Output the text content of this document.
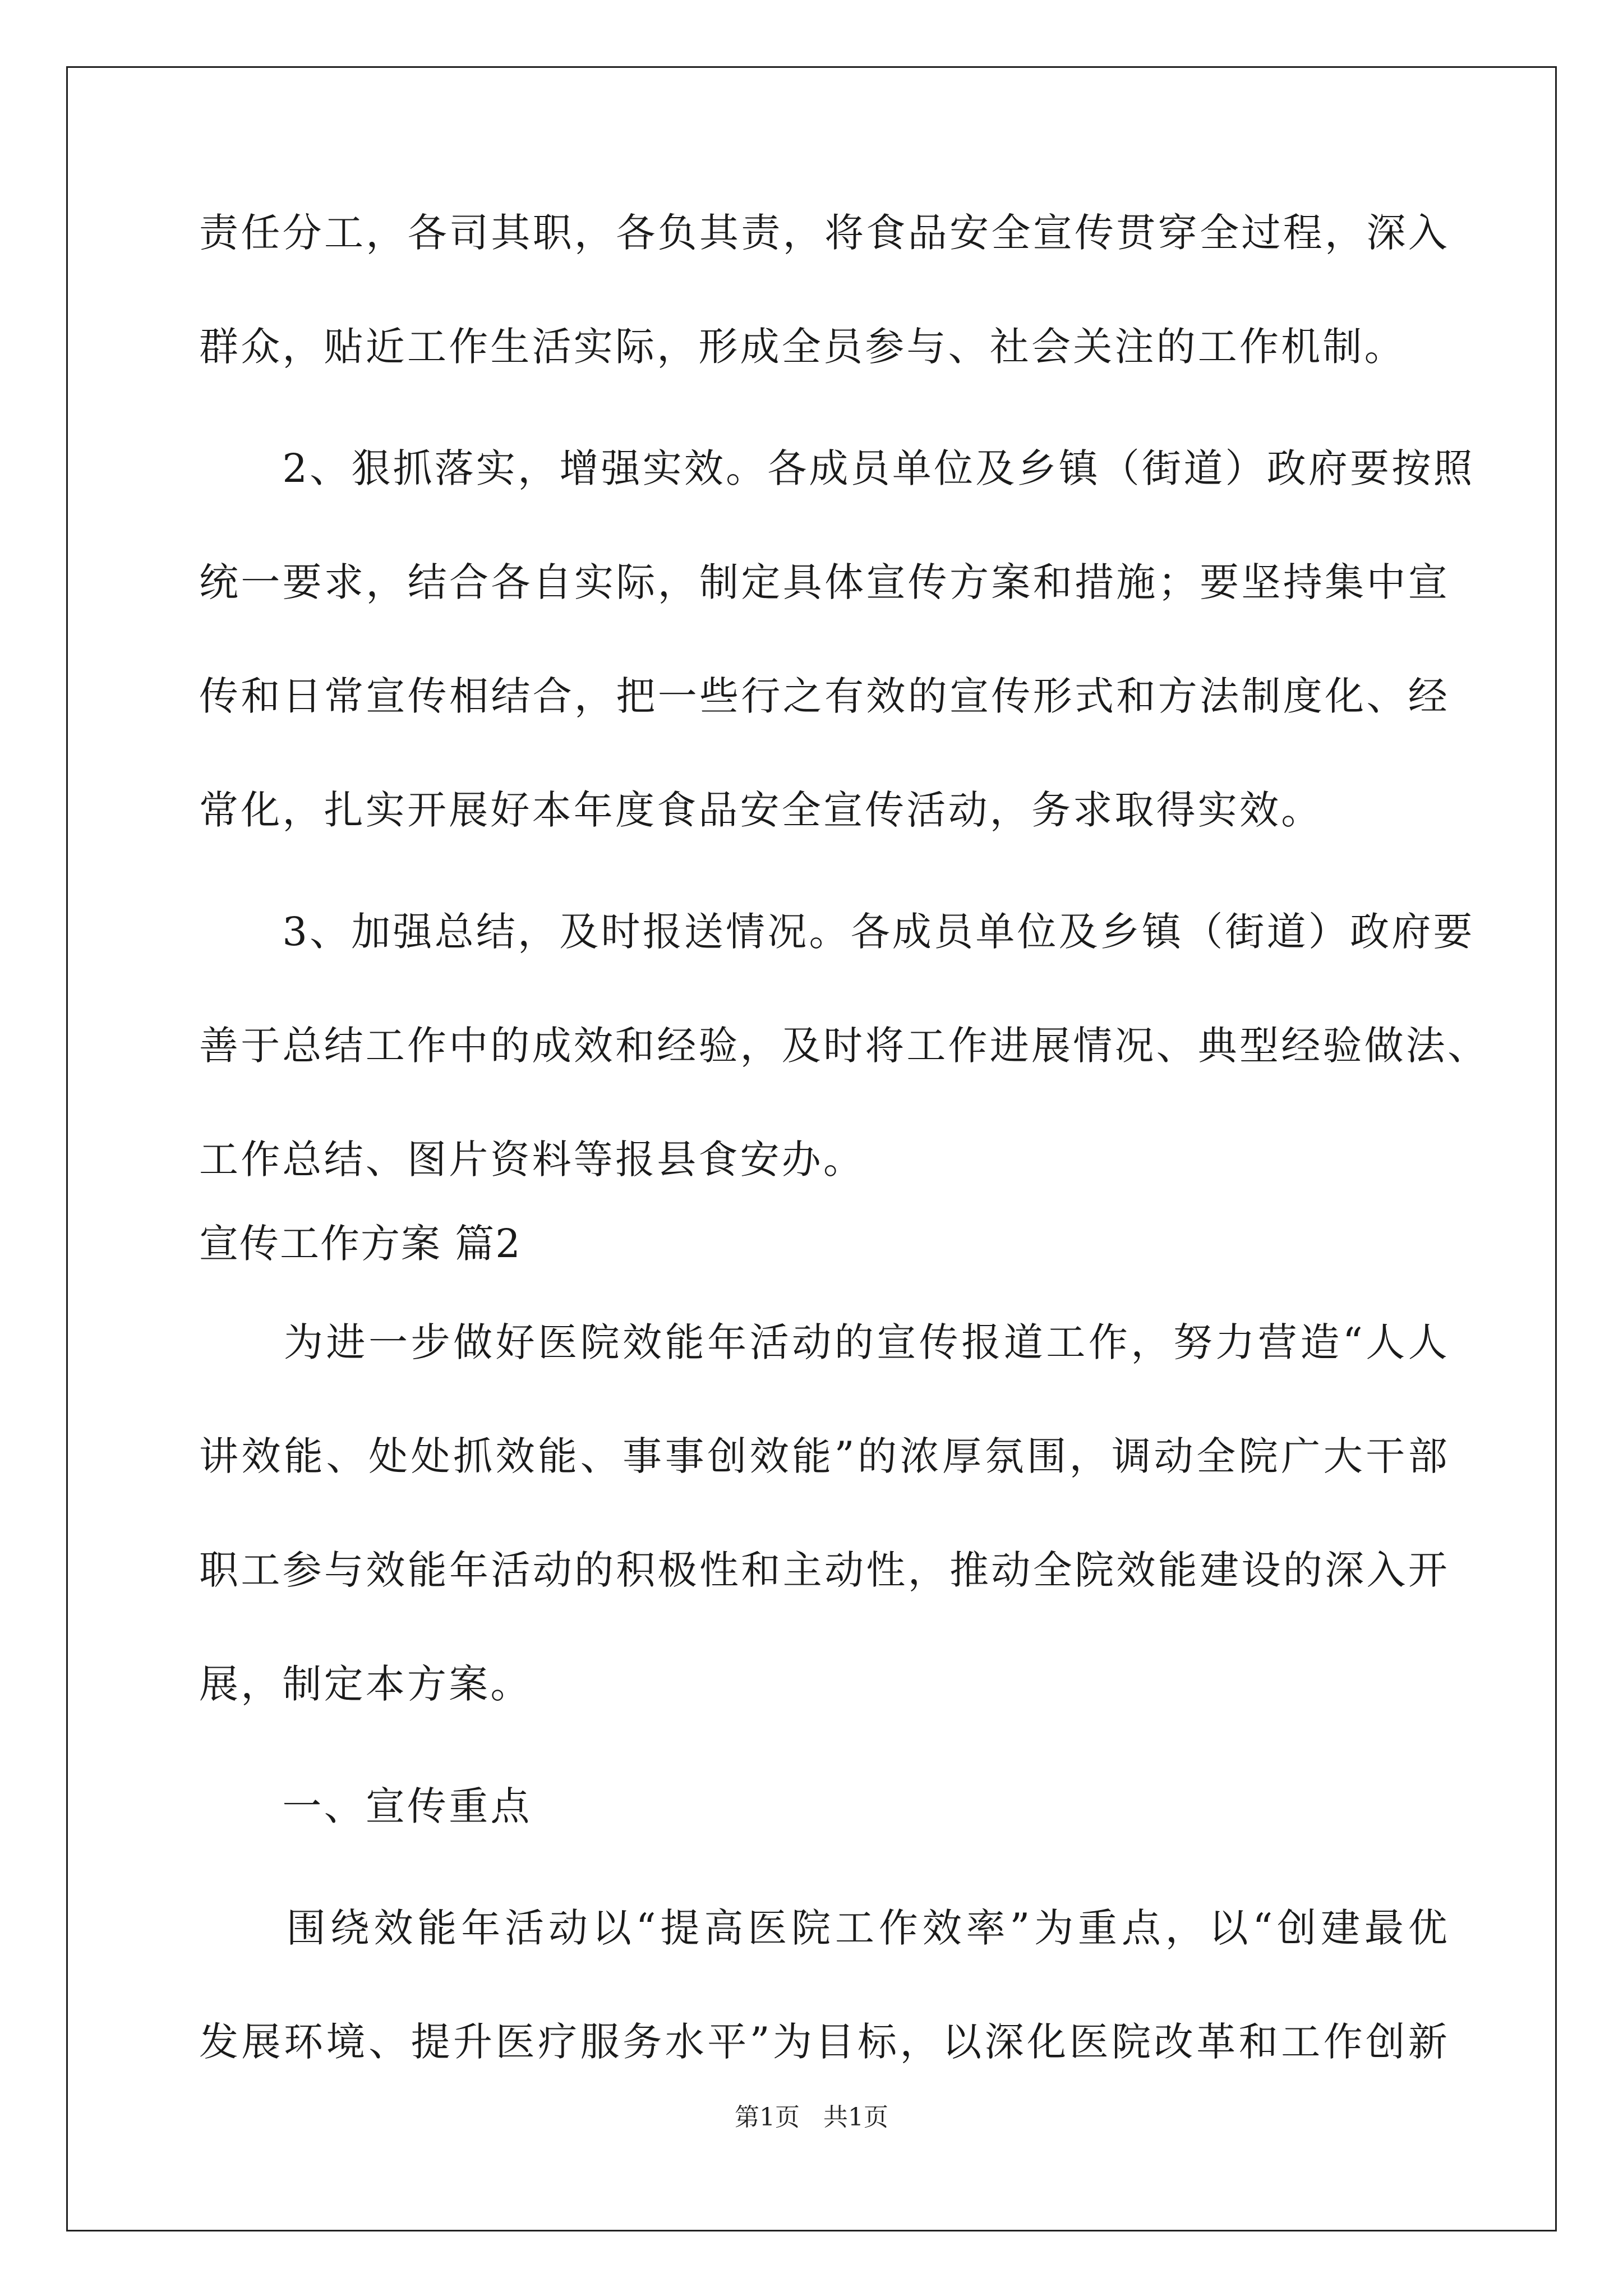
责任分工，各司其职，各负其责，将食品安全宣传贯穿全过程，深入
群众，贴近工作生活实际，形成全员参与、社会关注的工作机制。
　　2、狠抓落实，增强实效。各成员单位及乡镇（街道）政府要按照
统一要求，结合各自实际，制定具体宣传方案和措施；要坚持集中宣
传和日常宣传相结合，把一些行之有效的宣传形式和方法制度化、经
常化，扎实开展好本年度食品安全宣传活动，务求取得实效。
　　3、加强总结，及时报送情况。各成员单位及乡镇（街道）政府要
善于总结工作中的成效和经验，及时将工作进展情况、典型经验做法、
工作总结、图片资料等报县食安办。
宣传工作方案 篇2
　　为进一步做好医院效能年活动的宣传报道工作，努力营造“人人
讲效能、处处抓效能、事事创效能”的浓厚氛围，调动全院广大干部
职工参与效能年活动的积极性和主动性，推动全院效能建设的深入开
展，制定本方案。
　　一、宣传重点
　　围绕效能年活动以“提高医院工作效率”为重点，以“创建最优
发展环境、提升医疗服务水平”为目标，以深化医院改革和工作创新
第1页 共1页
